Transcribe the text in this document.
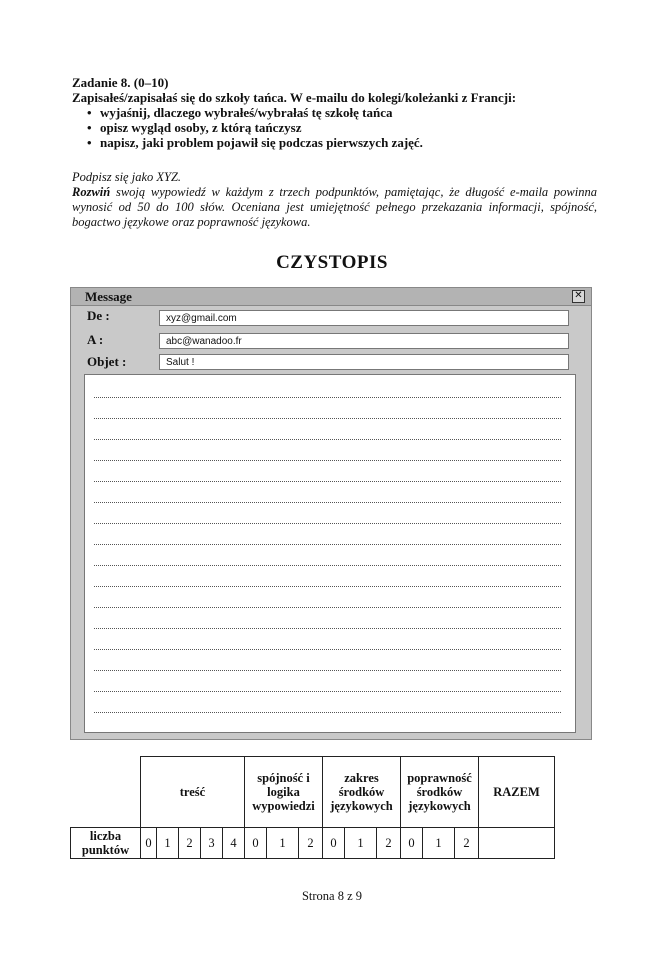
Zadanie 8. (0–10)
Zapisałeś/zapisałaś się do szkoły tańca. W e-mailu do kolegi/koleżanki z Francji:
• wyjaśnij, dlaczego wybrałeś/wybrałaś tę szkołę tańca
• opisz wygląd osoby, z którą tańczysz
• napisz, jaki problem pojawił się podczas pierwszych zajęć.
Podpisz się jako XYZ.
Rozwiń swoją wypowiedź w każdym z trzech podpunktów, pamiętając, że długość e-maila powinna wynosić od 50 do 100 słów. Oceniana jest umiejętność pełnego przekazania informacji, spójność, bogactwo językowe oraz poprawność językowa.
CZYSTOPIS
Message	✕
De :	xyz@gmail.com
A :	abc@wanadoo.fr
Objet :	Salut !
	treść					spójność i logika wypowiedzi			zakres środków językowych			poprawność środków językowych			RAZEM
liczba punktów	0	1	2	3	4	0	1	2	0	1	2	0	1	2	
Strona 8 z 9
